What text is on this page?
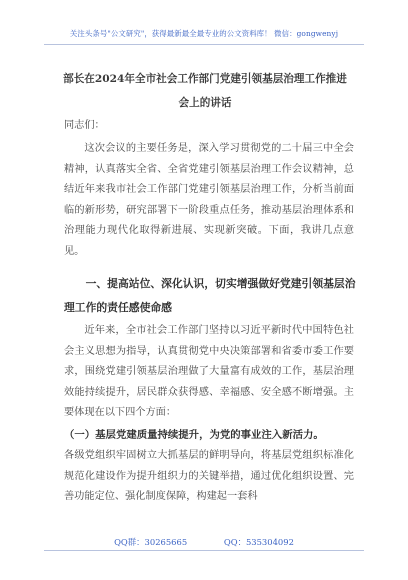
关注头条号"公文研究"，获得最新最全最专业的公文资料库！ 微信：gongwenyj
部长在2024年全市社会工作部门党建引领基层治理工作推进会上的讲话
同志们：
这次会议的主要任务是，深入学习贯彻党的二十届三中全会精神，认真落实全省、全省党建引领基层治理工作会议精神，总结近年来我市社会工作部门党建引领基层治理工作，分析当前面临的新形势，研究部署下一阶段重点任务，推动基层治理体系和治理能力现代化取得新进展、实现新突破。下面，我讲几点意见。
一、提高站位、深化认识，切实增强做好党建引领基层治理工作的责任感使命感
近年来，全市社会工作部门坚持以习近平新时代中国特色社会主义思想为指导，认真贯彻党中央决策部署和省委市委工作要求，围绕党建引领基层治理做了大量富有成效的工作，基层治理效能持续提升，居民群众获得感、幸福感、安全感不断增强。主要体现在以下四个方面：
（一）基层党建质量持续提升，为党的事业注入新活力。
各级党组织牢固树立大抓基层的鲜明导向，将基层党组织标准化规范化建设作为提升组织力的关键举措，通过优化组织设置、完善功能定位、强化制度保障，构建起一套科
QQ群：30265665	QQ：535304092
